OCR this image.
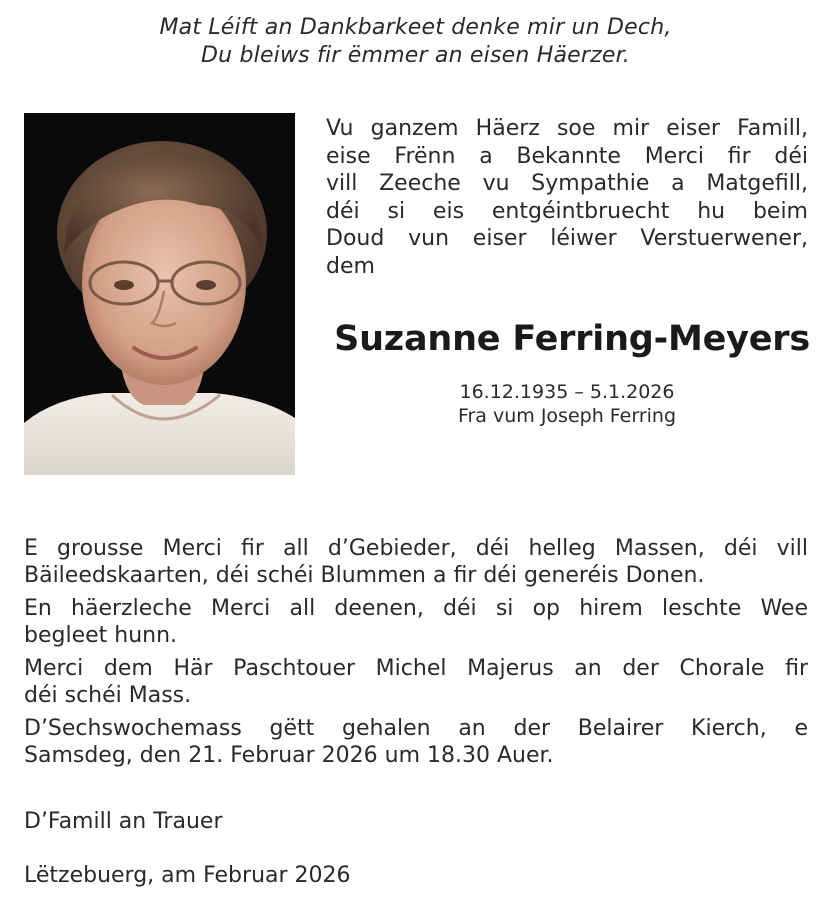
Mat Léift an Dankbarkeet denke mir un Dech,
Du bleiws fir ëmmer an eisen Häerzer.
Vu ganzem Häerz soe mir eiser Famill,
eise Frënn a Bekannte Merci fir déi
vill Zeeche vu Sympathie a Matgefill,
déi si eis entgéintbruecht hu beim
Doud vun eiser léiwer Verstuerwener,
dem
Suzanne Ferring-Meyers
16.12.1935 – 5.1.2026
Fra vum Joseph Ferring
E grousse Merci fir all d’Gebieder, déi helleg Massen, déi vill
Bäileedskaarten, déi schéi Blummen a fir déi generéis Donen.
En häerzleche Merci all deenen, déi si op hirem leschte Wee
begleet hunn.
Merci dem Här Paschtouer Michel Majerus an der Chorale fir
déi schéi Mass.
D’Sechswochemass gëtt gehalen an der Belairer Kierch, e
Samsdeg, den 21. Februar 2026 um 18.30 Auer.
D’Famill an Trauer
Lëtzebuerg, am Februar 2026
